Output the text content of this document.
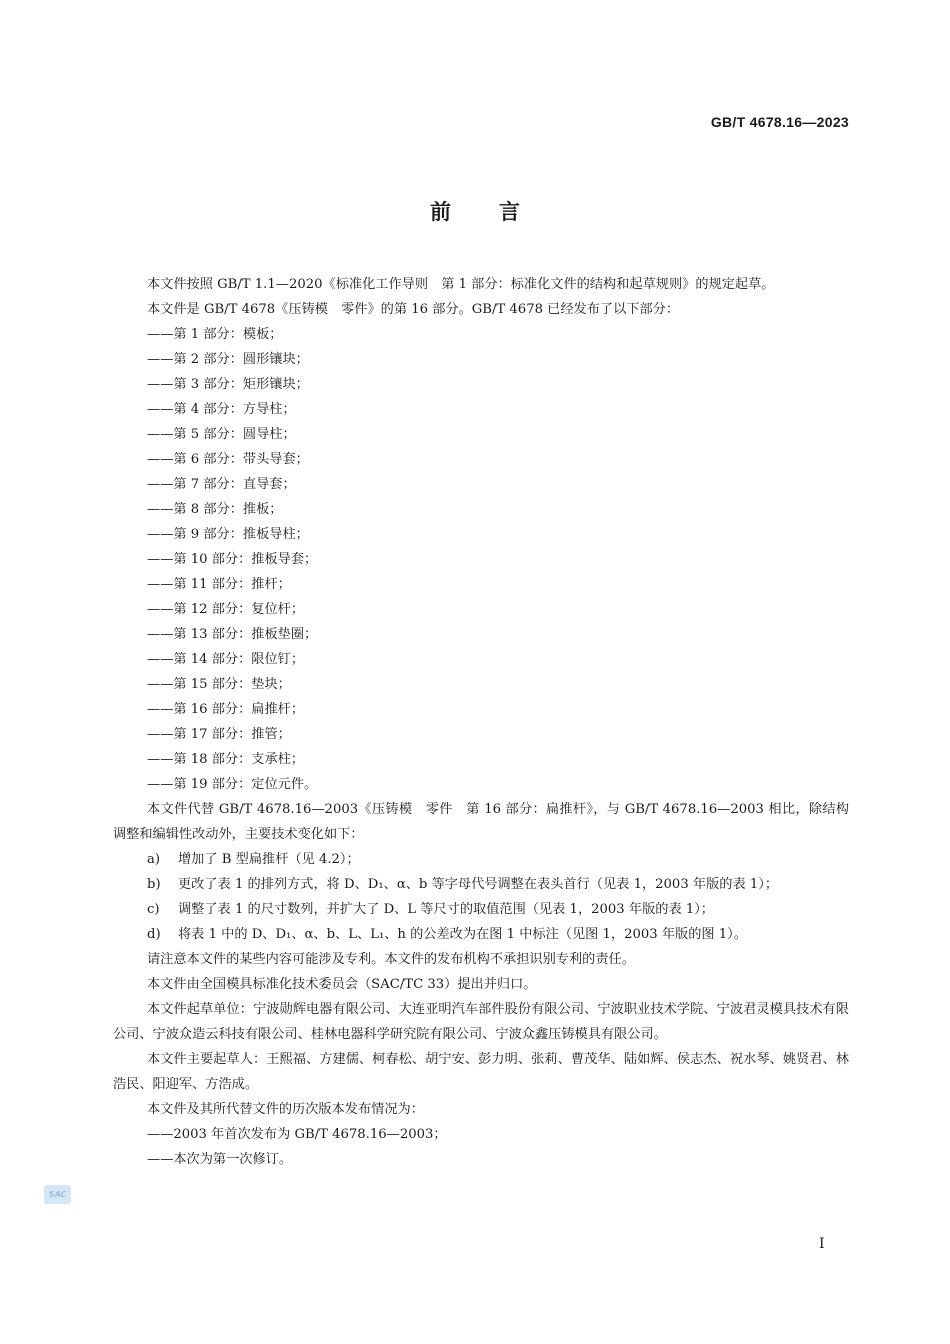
GB/T 4678.16—2023
前言

本文件按照 GB/T 1.1—2020《标准化工作导则　第 1 部分：标准化文件的结构和起草规则》的规定起草。

本文件是 GB/T 4678《压铸模　零件》的第 16 部分。GB/T 4678 已经发布了以下部分：

——第 1 部分：模板；

——第 2 部分：圆形镶块；

——第 3 部分：矩形镶块；

——第 4 部分：方导柱；

——第 5 部分：圆导柱；

——第 6 部分：带头导套；

——第 7 部分：直导套；

——第 8 部分：推板；

——第 9 部分：推板导柱；

——第 10 部分：推板导套；

——第 11 部分：推杆；

——第 12 部分：复位杆；

——第 13 部分：推板垫圈；

——第 14 部分：限位钉；

——第 15 部分：垫块；

——第 16 部分：扁推杆；

——第 17 部分：推管；

——第 18 部分：支承柱；

——第 19 部分：定位元件。

本文件代替 GB/T 4678.16—2003《压铸模　零件　第 16 部分：扁推杆》，与 GB/T 4678.16—2003 相比，除结构调整和编辑性改动外，主要技术变化如下：

a) 增加了 B 型扁推杆（见 4.2）；

b) 更改了表 1 的排列方式，将 D、D₁、α、b 等字母代号调整在表头首行（见表 1，2003 年版的表 1）；

c) 调整了表 1 的尺寸数列，并扩大了 D、L 等尺寸的取值范围（见表 1，2003 年版的表 1）；

d) 将表 1 中的 D、D₁、α、b、L、L₁、h 的公差改为在图 1 中标注（见图 1，2003 年版的图 1）。

请注意本文件的某些内容可能涉及专利。本文件的发布机构不承担识别专利的责任。

本文件由全国模具标准化技术委员会（SAC/TC 33）提出并归口。

本文件起草单位：宁波勋辉电器有限公司、大连亚明汽车部件股份有限公司、宁波职业技术学院、宁波君灵模具技术有限公司、宁波众造云科技有限公司、桂林电器科学研究院有限公司、宁波众鑫压铸模具有限公司。

本文件主要起草人：王熙福、方建儒、柯春松、胡宁安、彭力明、张莉、曹茂华、陆如辉、侯志杰、祝水琴、姚贤君、林浩民、阳迎军、方浩成。

本文件及其所代替文件的历次版本发布情况为：

——2003 年首次发布为 GB/T 4678.16—2003；

——本次为第一次修订。

SAC
I
